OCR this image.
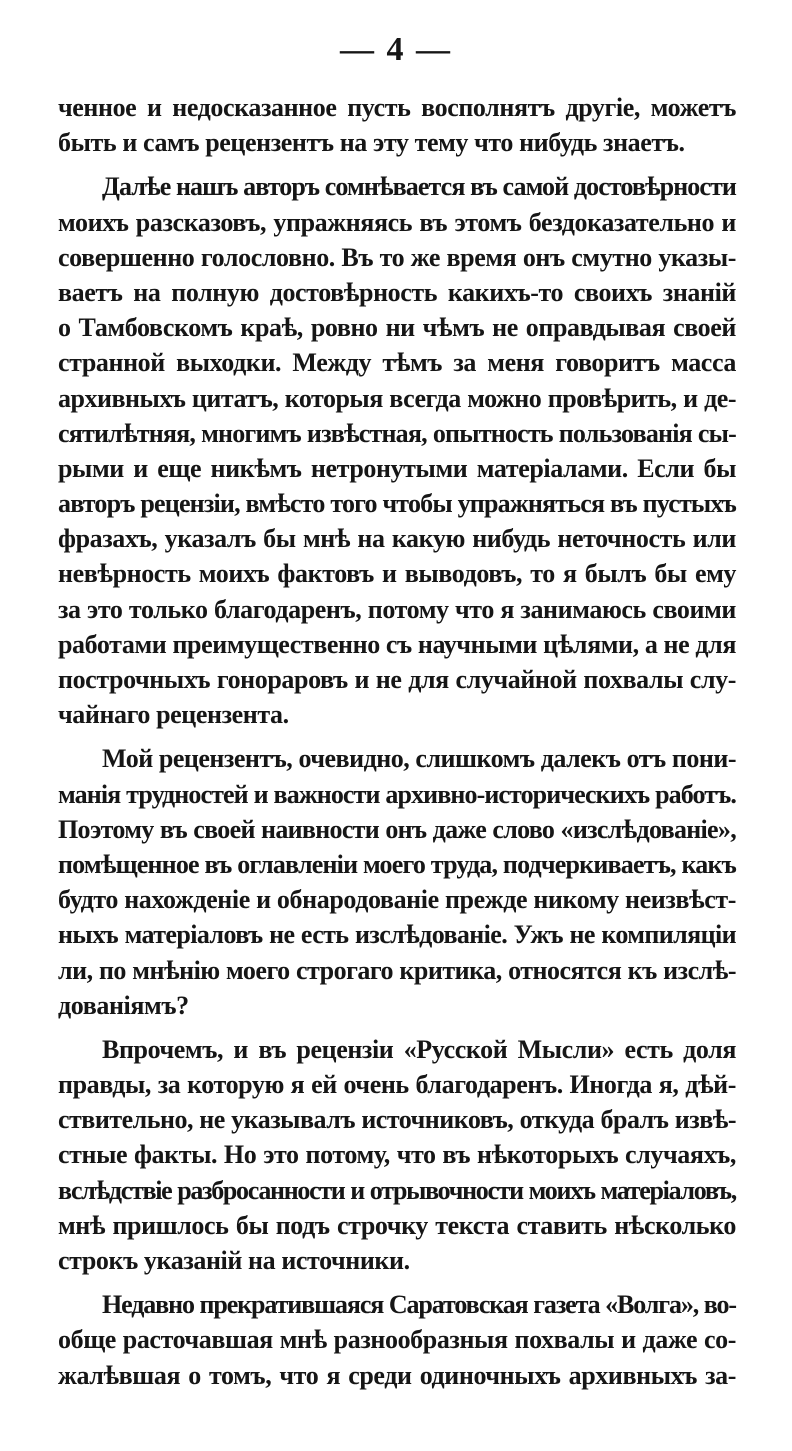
— 4 —
ченное и недосказанное пусть восполнятъ другіе, можетъ
быть и самъ рецензентъ на эту тему что нибудь знаетъ.
Далѣе нашъ авторъ сомнѣвается въ самой достовѣрности
моихъ разсказовъ, упражняясь въ этомъ бездоказательно и
совершенно голословно. Въ то же время онъ смутно указы-
ваетъ на полную достовѣрность какихъ-то своихъ знаній
о Тамбовскомъ краѣ, ровно ни чѣмъ не оправдывая своей
странной выходки. Между тѣмъ за меня говоритъ масса
архивныхъ цитатъ, которыя всегда можно провѣрить, и де-
сятилѣтняя, многимъ извѣстная, опытность пользованія сы-
рыми и еще никѣмъ нетронутыми матеріалами. Если бы
авторъ рецензіи, вмѣсто того чтобы упражняться въ пустыхъ
фразахъ, указалъ бы мнѣ на какую нибудь неточность или
невѣрность моихъ фактовъ и выводовъ, то я былъ бы ему
за это только благодаренъ, потому что я занимаюсь своими
работами преимущественно съ научными цѣлями, а не для
построчныхъ гонораровъ и не для случайной похвалы слу-
чайнаго рецензента.
Мой рецензентъ, очевидно, слишкомъ далекъ отъ пони-
манія трудностей и важности архивно-историческихъ работъ.
Поэтому въ своей наивности онъ даже слово «изслѣдованіе»,
помѣщенное въ оглавленіи моего труда, подчеркиваетъ, какъ
будто нахожденіе и обнародованіе прежде никому неизвѣст-
ныхъ матеріаловъ не есть изслѣдованіе. Ужъ не компиляціи
ли, по мнѣнію моего строгаго критика, относятся къ изслѣ-
дованіямъ?
Впрочемъ, и въ рецензіи «Русской Мысли» есть доля
правды, за которую я ей очень благодаренъ. Иногда я, дѣй-
ствительно, не указывалъ источниковъ, откуда бралъ извѣ-
стные факты. Но это потому, что въ нѣкоторыхъ случаяхъ,
вслѣдствіе разбросанности и отрывочности моихъ матеріаловъ,
мнѣ пришлось бы подъ строчку текста ставить нѣсколько
строкъ указаній на источники.
Недавно прекратившаяся Саратовская газета «Волга», во-
обще расточавшая мнѣ разнообразныя похвалы и даже со-
жалѣвшая о томъ, что я среди одиночныхъ архивныхъ за-
